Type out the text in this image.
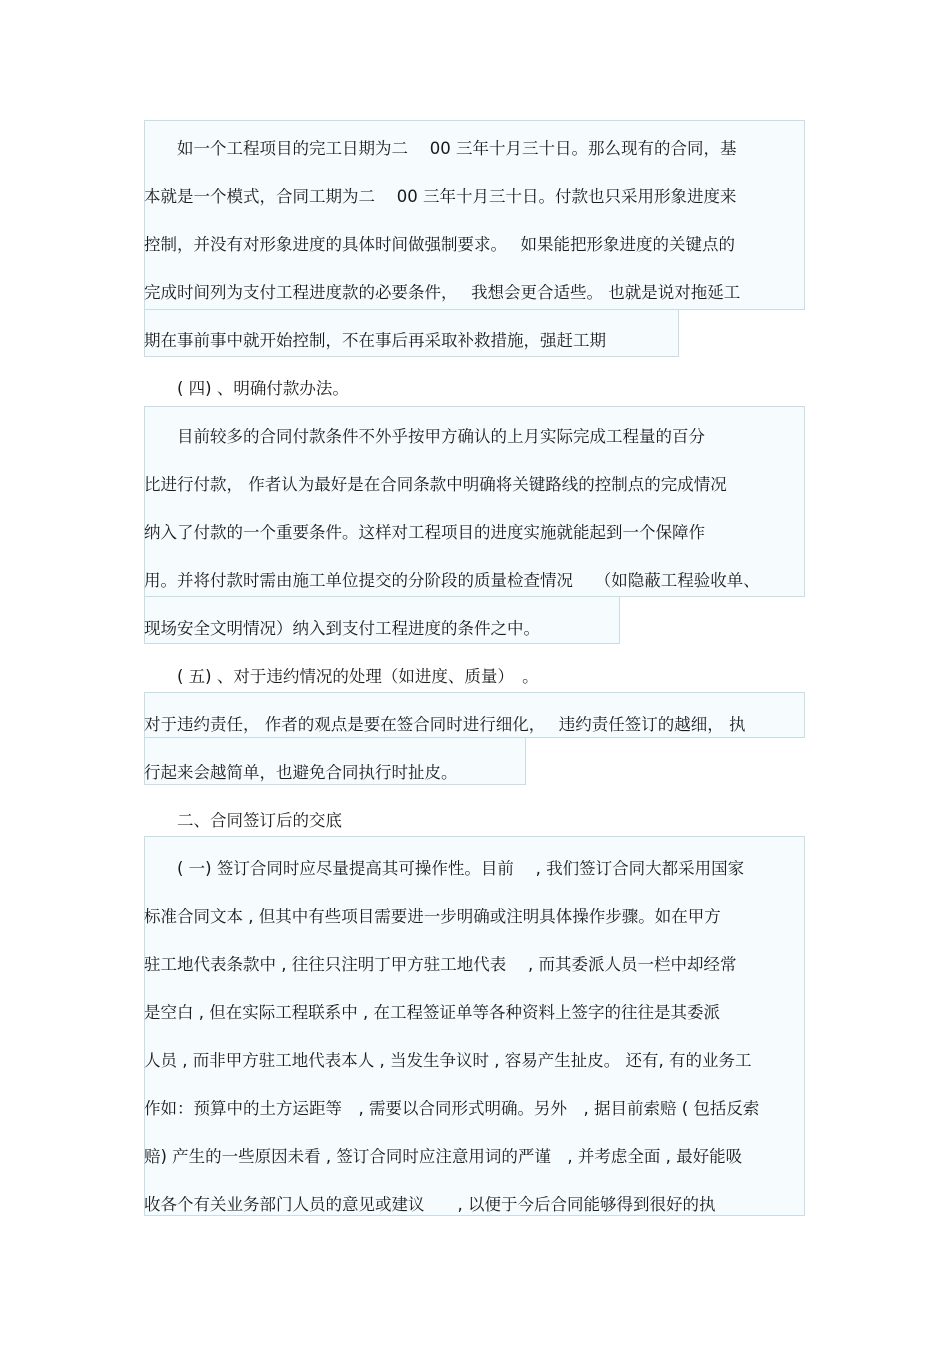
　　如一个工程项目的完工日期为二　 00 三年十月三十日。那么现有的合同，基
本就是一个模式，合同工期为二　 00 三年十月三十日。付款也只采用形象进度来
控制，并没有对形象进度的具体时间做强制要求。　 如果能把形象进度的关键点的
完成时间列为支付工程进度款的必要条件，　 我想会更合适些。 也就是说对拖延工
期在事前事中就开始控制，不在事后再采取补救措施，强赶工期
　　( 四) 、明确付款办法。
　　目前较多的合同付款条件不外乎按甲方确认的上月实际完成工程量的百分
比进行付款， 作者认为最好是在合同条款中明确将关键路线的控制点的完成情况
纳入了付款的一个重要条件。这样对工程项目的进度实施就能起到一个保障作
用。并将付款时需由施工单位提交的分阶段的质量检查情况　 （如隐蔽工程验收单、
现场安全文明情况）纳入到支付工程进度的条件之中。
　　( 五) 、对于违约情况的处理（如进度、质量）　。
对于违约责任， 作者的观点是要在签合同时进行细化，　 违约责任签订的越细， 执
行起来会越简单，也避免合同执行时扯皮。
　　二、合同签订后的交底
　　( 一) 签订合同时应尽量提高其可操作性。目前　 , 我们签订合同大都采用国家
标准合同文本 , 但其中有些项目需要进一步明确或注明具体操作步骤。如在甲方
驻工地代表条款中 , 往往只注明丁甲方驻工地代表　 , 而其委派人员一栏中却经常
是空白 , 但在实际工程联系中 , 在工程签证单等各种资料上签字的往往是其委派
人员 , 而非甲方驻工地代表本人 , 当发生争议时 , 容易产生扯皮。 还有, 有的业务工
作如：预算中的土方运距等　, 需要以合同形式明确。另外　, 据目前索赔 ( 包括反索
赔) 产生的一些原因未看 , 签订合同时应注意用词的严谨　, 并考虑全面 , 最好能吸
收各个有关业务部门人员的意见或建议　　, 以便于今后合同能够得到很好的执
